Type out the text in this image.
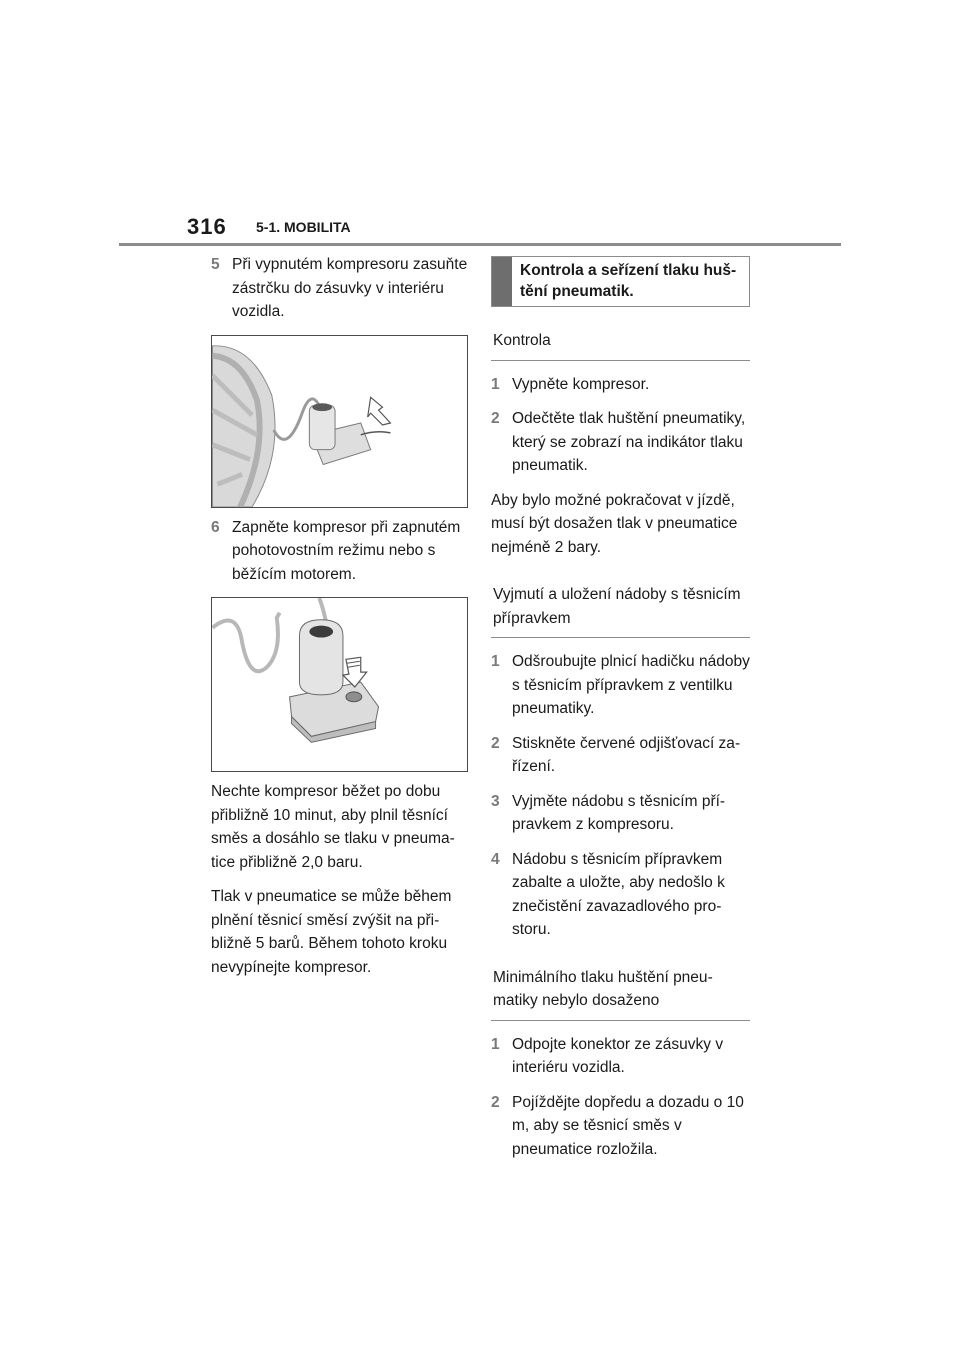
316 5-1. MOBILITA
5 Při vypnutém kompresoru zasuňte zástrčku do zásuvky v interiéru vozidla.
6 Zapněte kompresor při zapnutém pohotovostním režimu nebo s běžícím motorem.

Nechte kompresor běžet po dobu přibližně 10 minut, aby plnil těsnící směs a dosáhlo se tlaku v pneumatice přibližně 2,0 baru.

Tlak v pneumatice se může během plnění těsnicí směsí zvýšit na přibližně 5 barů. Během tohoto kroku nevypínejte kompresor.

Kontrola a seřízení tlaku huštění pneumatik.
Kontrola
1 Vypněte kompresor.
2 Odečtěte tlak huštění pneumatiky, který se zobrazí na indikátor tlaku pneumatik.

Aby bylo možné pokračovat v jízdě, musí být dosažen tlak v pneumatice nejméně 2 bary.

Vyjmutí a uložení nádoby s těsnicím přípravkem
1 Odšroubujte plnicí hadičku nádoby s těsnicím přípravkem z ventilku pneumatiky.
2 Stiskněte červené odjišťovací zařízení.
3 Vyjměte nádobu s těsnicím přípravkem z kompresoru.
4 Nádobu s těsnicím přípravkem zabalte a uložte, aby nedošlo k znečistění zavazadlového prostoru.
Minimálního tlaku huštění pneumatiky nebylo dosaženo
1 Odpojte konektor ze zásuvky v interiéru vozidla.
2 Pojíždějte dopředu a dozadu o 10 m, aby se těsnicí směs v pneumatice rozložila.
